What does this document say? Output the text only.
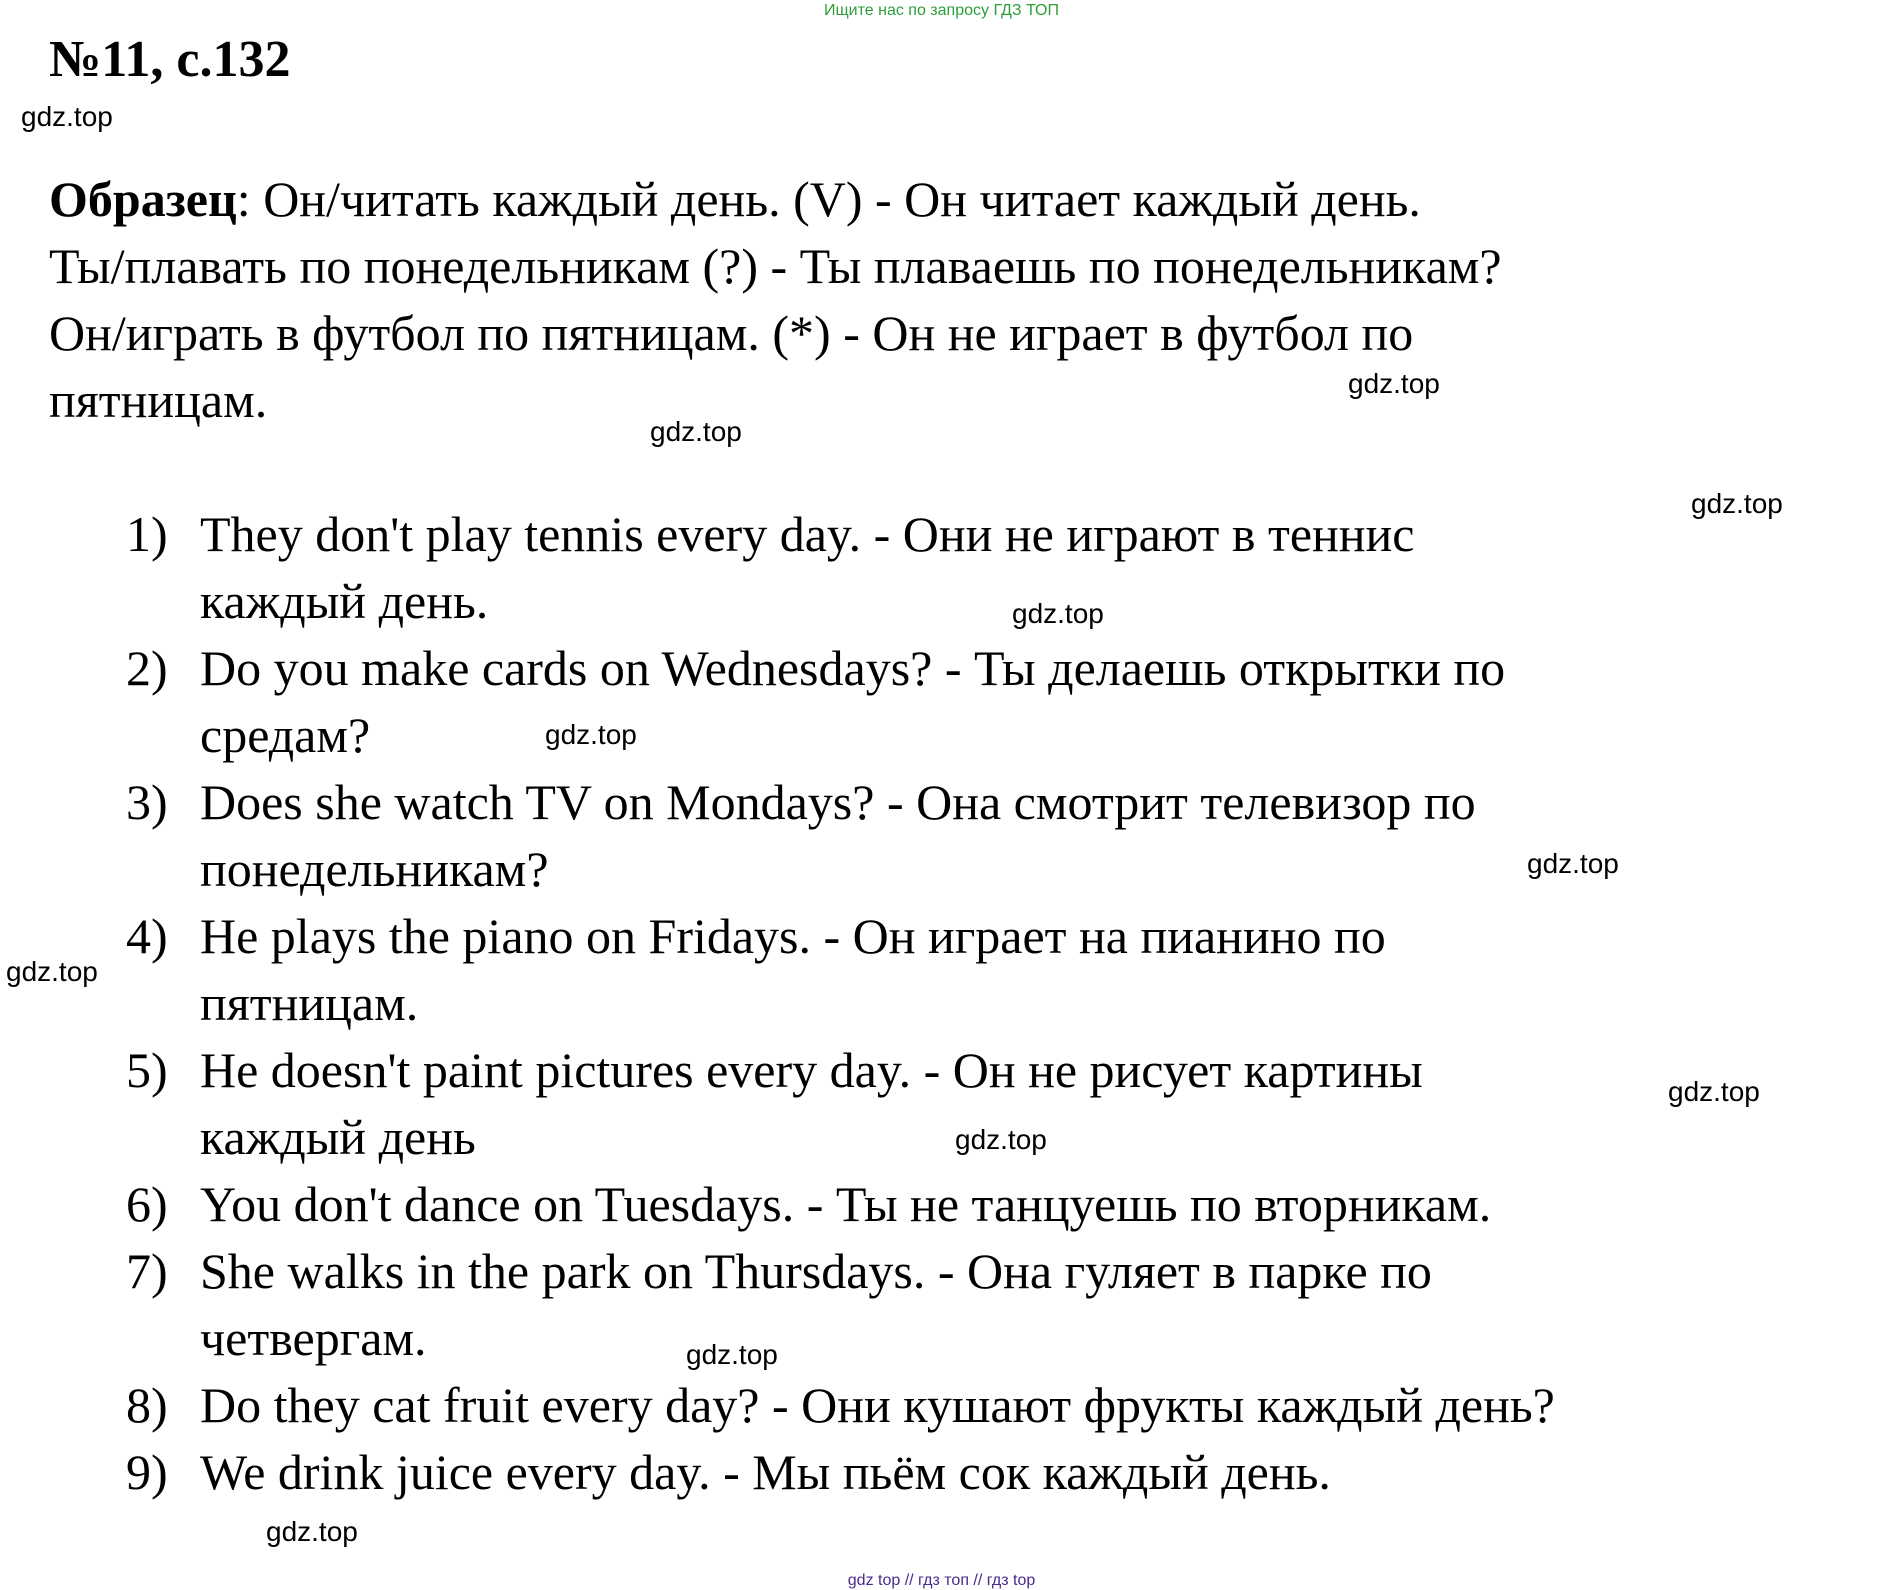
Ищите нас по запросу ГДЗ ТОП
№11, с.132

Образец: Он/читать каждый день. (V) - Он читает каждый день.

Ты/плавать по понедельникам (?) - Ты плаваешь по понедельникам?

Он/играть в футбол по пятницам. (*) - Он не играет в футбол по

пятницам.

1) They don't play tennis every day. - Они не играют в теннис
каждый день.
2) Do you make cards on Wednesdays? - Ты делаешь открытки по
средам?
3) Does she watch TV on Mondays? - Она смотрит телевизор по
понедельникам?
4) He plays the piano on Fridays. - Он играет на пианино по
пятницам.
5) He doesn't paint pictures every day. - Он не рисует картины
каждый день
6) You don't dance on Tuesdays. - Ты не танцуешь по вторникам.
7) She walks in the park on Thursdays. - Она гуляет в парке по
четвергам.
8) Do they cat fruit every day? - Они кушают фрукты каждый день?
9) We drink juice every day. - Мы пьём сок каждый день.
gdz.top
gdz.top
gdz.top
gdz.top
gdz.top
gdz.top
gdz.top
gdz.top
gdz.top
gdz.top
gdz.top
gdz.top
gdz top // гдз топ // гдз top
